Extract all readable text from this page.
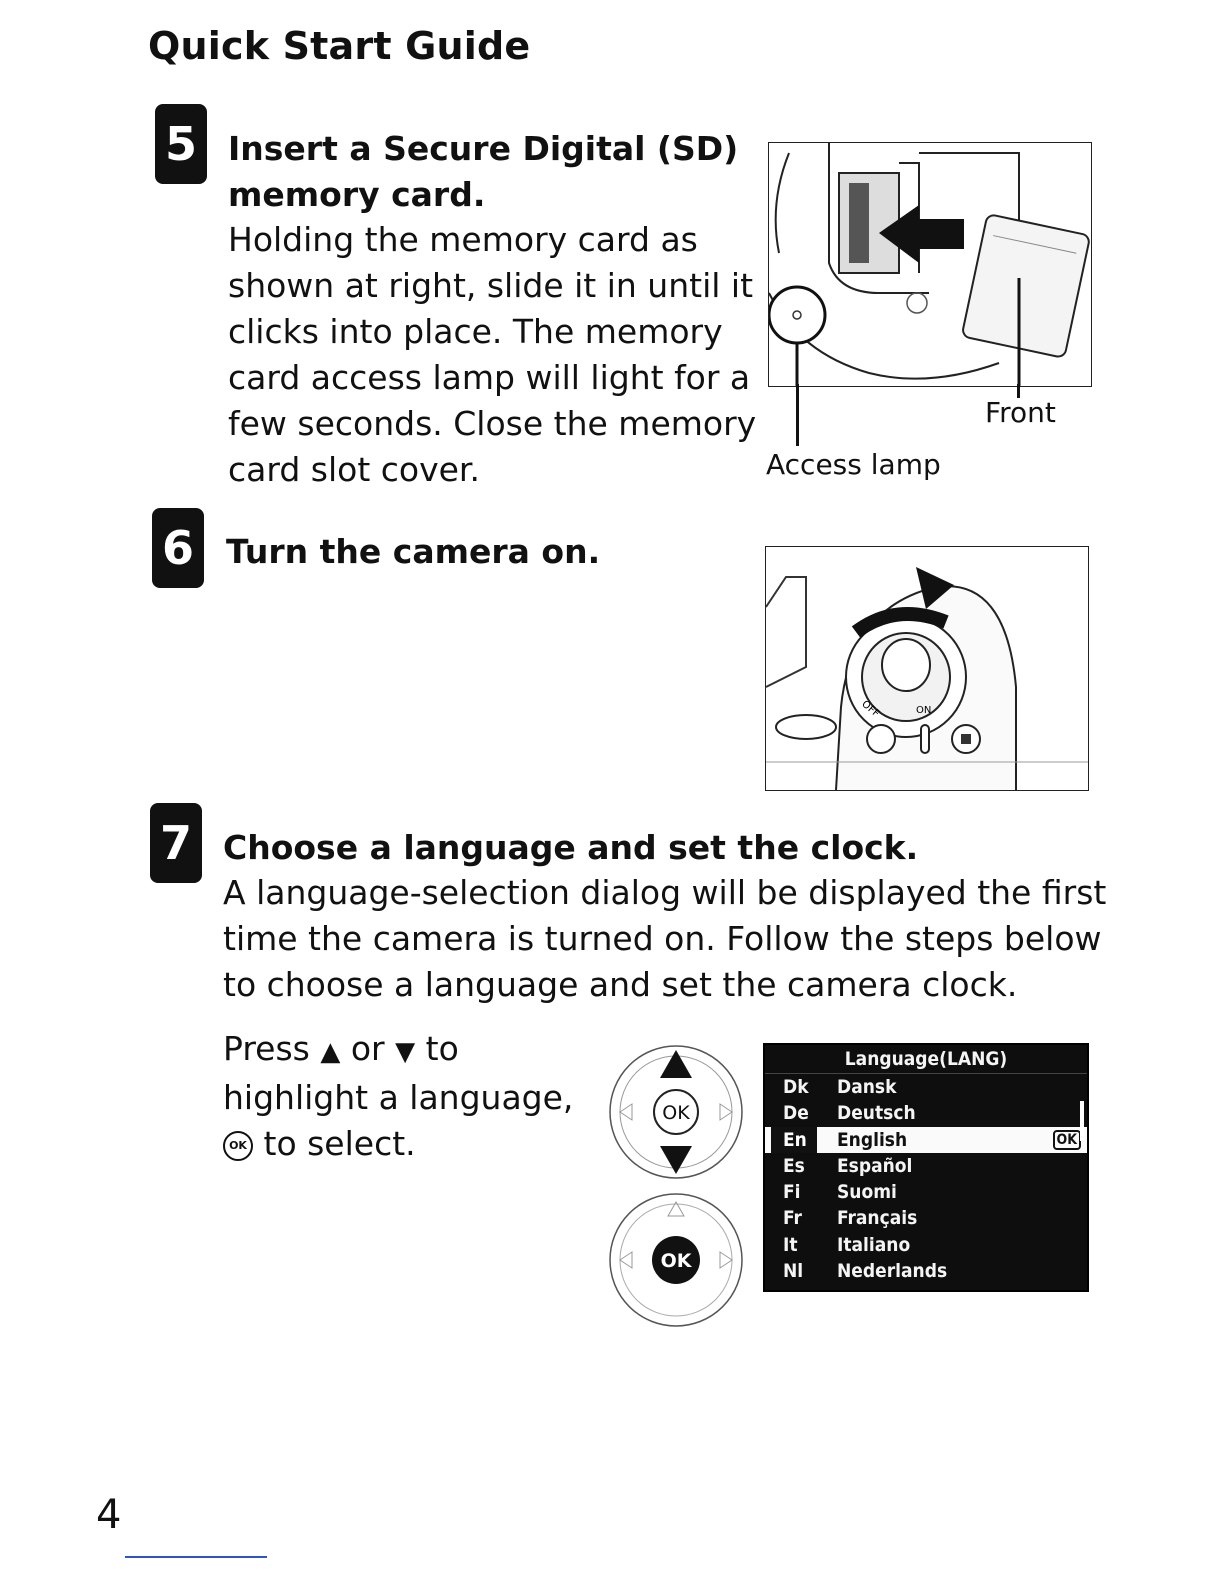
Quick Start Guide
5 Insert a Secure Digital (SD)
memory card.
Holding the memory card as
shown at right, slide it in until it
clicks into place. The memory
card access lamp will light for a
few seconds. Close the memory
card slot cover.
Front
Access lamp
6 Turn the camera on.
OFF	ON
7 Choose a language and set the clock.
A language-selection dialog will be displayed the first
time the camera is turned on. Follow the steps below
to choose a language and set the camera clock.
Press ▲ or ▼ to
highlight a language,
OK to select.
OK
OK
Language(LANG)
Dk	Dansk
De	Deutsch
En	English	OK
Es	Español
Fi	Suomi
Fr	Français
It	Italiano
Nl	Nederlands
4
